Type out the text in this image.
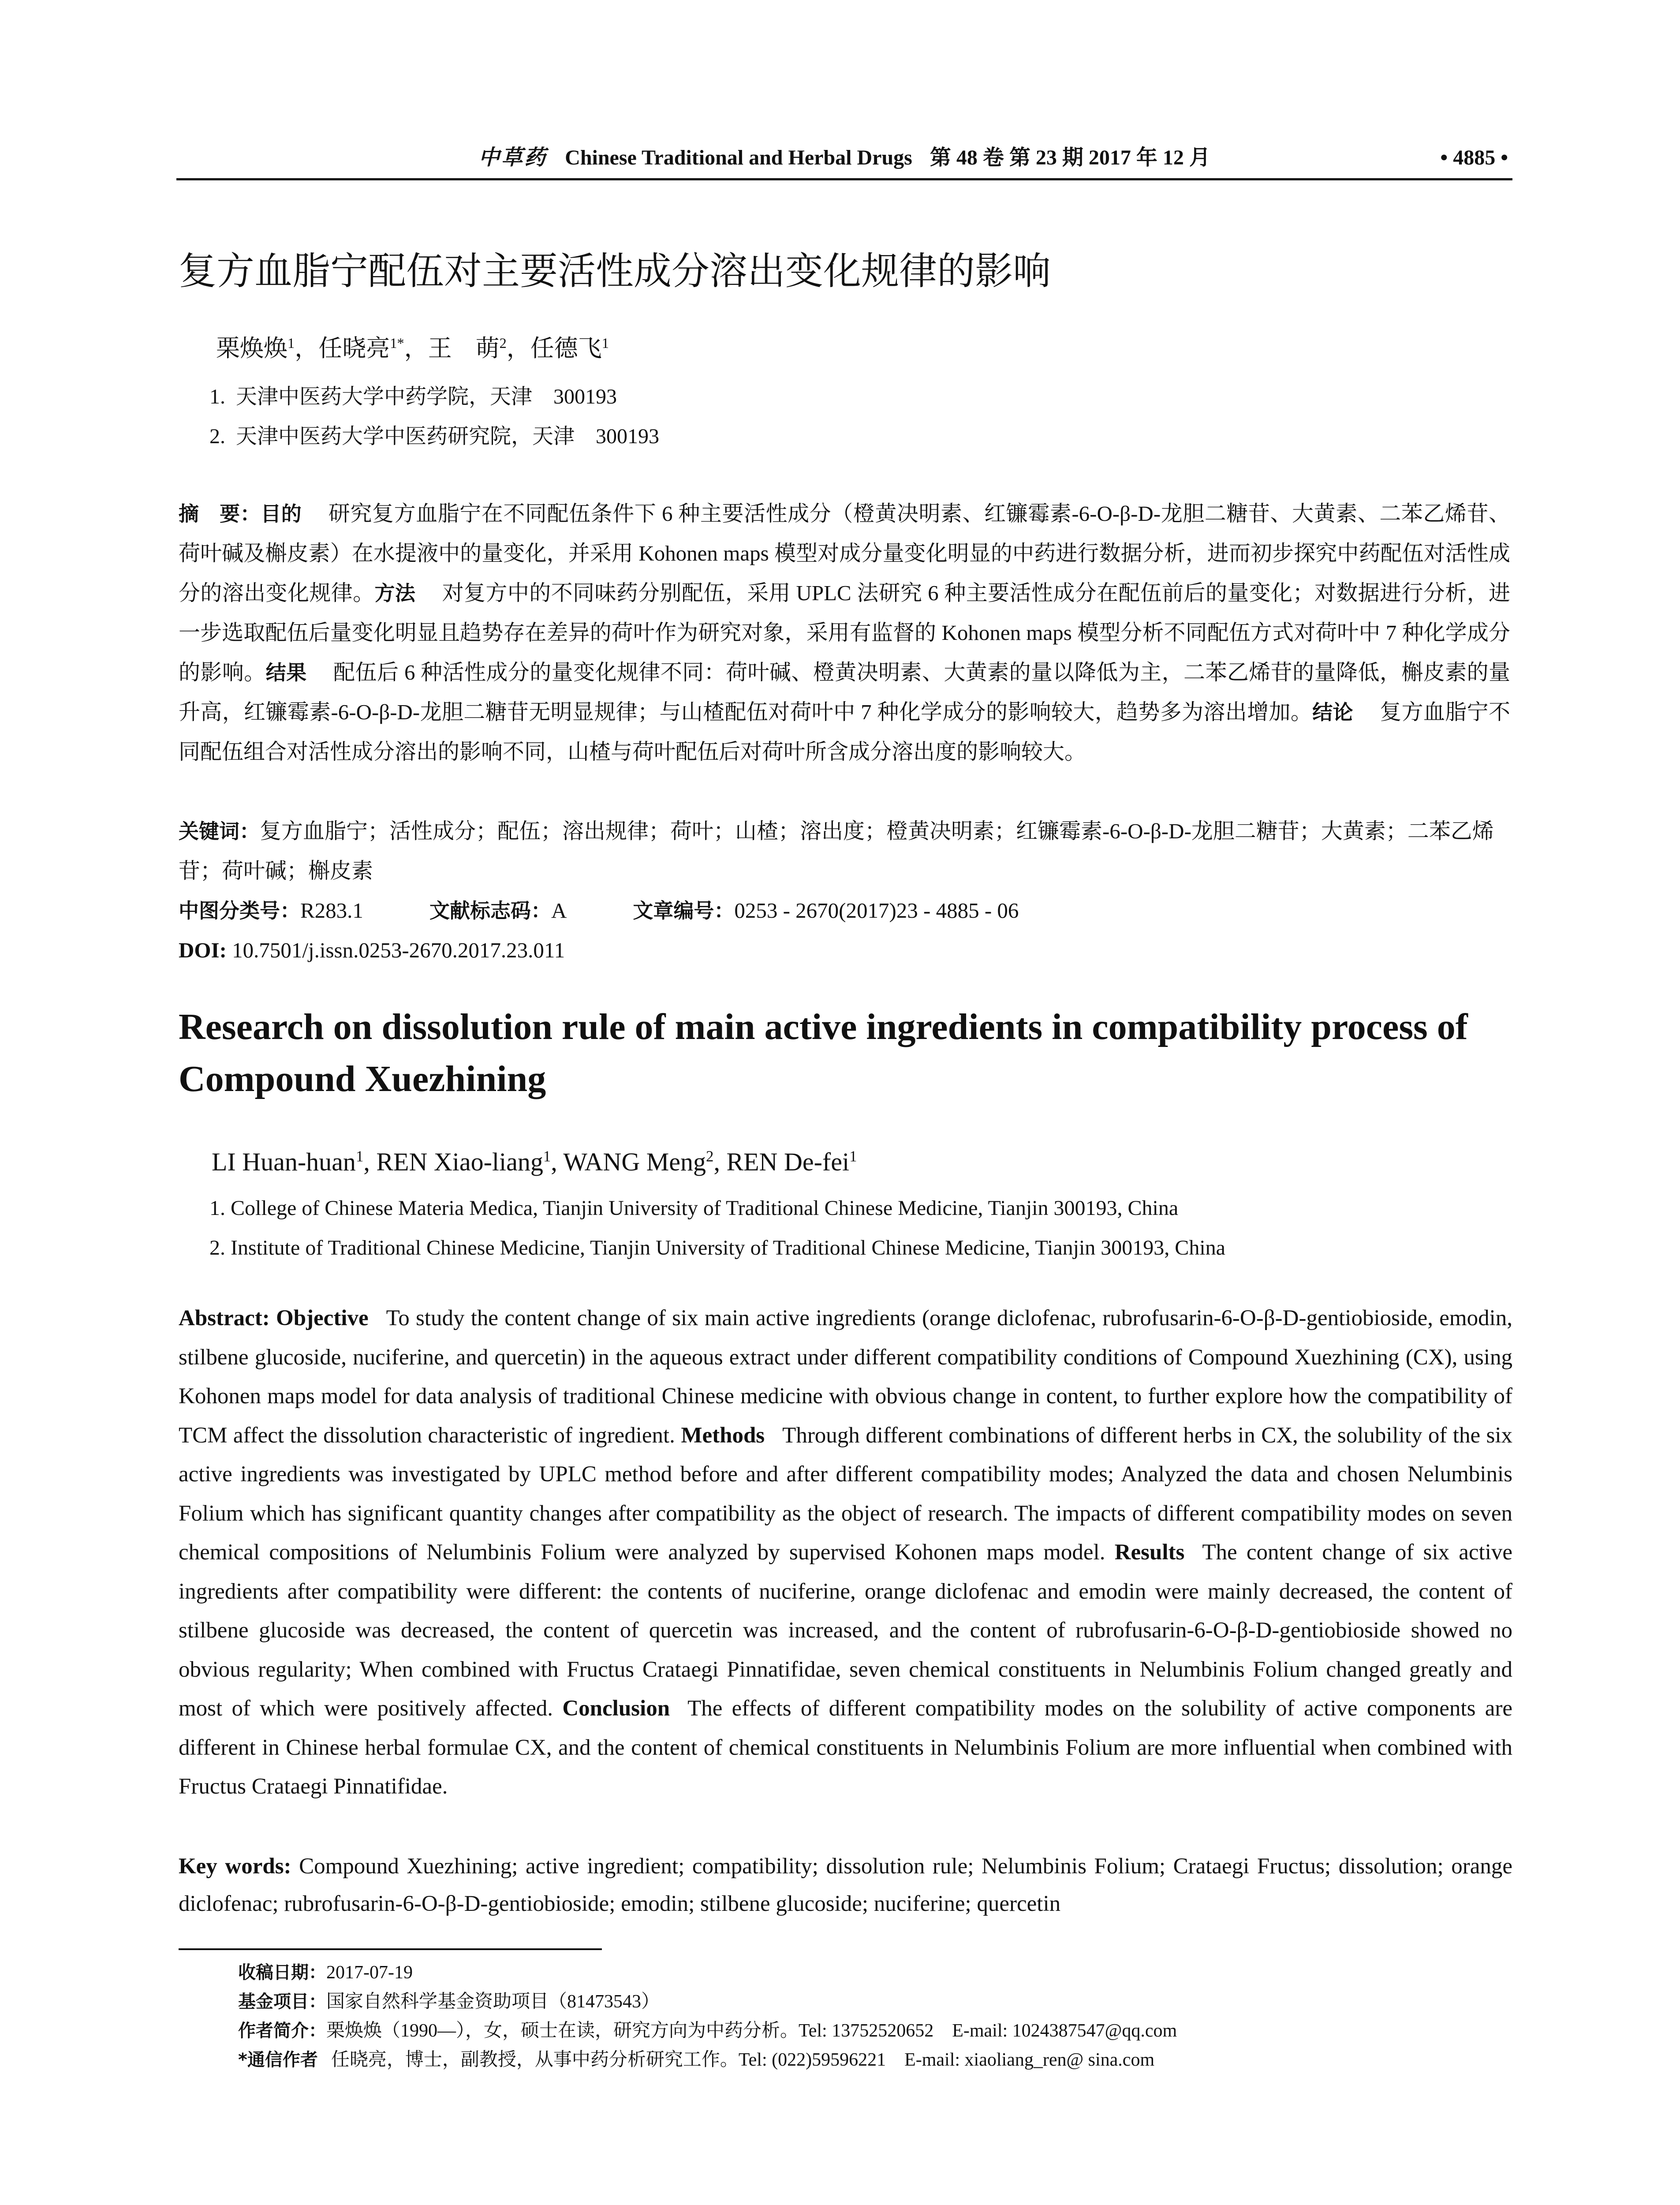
中草药 Chinese Traditional and Herbal Drugs 第 48 卷 第 23 期 2017 年 12 月	• 4885 •
复方血脂宁配伍对主要活性成分溶出变化规律的影响
栗焕焕$^1$，任晓亮$^{1*}$，王　萌$^2$，任德飞$^1$
1. 天津中医药大学中药学院，天津　300193
2. 天津中医药大学中医药研究院，天津　300193
摘　要：目的 研究复方血脂宁在不同配伍条件下 6 种主要活性成分（橙黄决明素、红镰霉素-6-O-β-D-龙胆二糖苷、大黄素、二苯乙烯苷、荷叶碱及槲皮素）在水提液中的量变化，并采用 Kohonen maps 模型对成分量变化明显的中药进行数据分析，进而初步探究中药配伍对活性成分的溶出变化规律。方法 对复方中的不同味药分别配伍，采用 UPLC 法研究 6 种主要活性成分在配伍前后的量变化；对数据进行分析，进一步选取配伍后量变化明显且趋势存在差异的荷叶作为研究对象，采用有监督的 Kohonen maps 模型分析不同配伍方式对荷叶中 7 种化学成分的影响。结果 配伍后 6 种活性成分的量变化规律不同：荷叶碱、橙黄决明素、大黄素的量以降低为主，二苯乙烯苷的量降低，槲皮素的量升高，红镰霉素-6-O-β-D-龙胆二糖苷无明显规律；与山楂配伍对荷叶中 7 种化学成分的影响较大，趋势多为溶出增加。结论 复方血脂宁不同配伍组合对活性成分溶出的影响不同，山楂与荷叶配伍后对荷叶所含成分溶出度的影响较大。
关键词：复方血脂宁；活性成分；配伍；溶出规律；荷叶；山楂；溶出度；橙黄决明素；红镰霉素-6-O-β-D-龙胆二糖苷；大黄素；二苯乙烯苷；荷叶碱；槲皮素
中图分类号：R283.1	文献标志码：A	文章编号：0253 - 2670(2017)23 - 4885 - 06
DOI: 10.7501/j.issn.0253-2670.2017.23.011
Research on dissolution rule of main active ingredients in compatibility process of Compound Xuezhining
LI Huan-huan$^1$, REN Xiao-liang$^1$, WANG Meng$^2$, REN De-fei$^1$
1. College of Chinese Materia Medica, Tianjin University of Traditional Chinese Medicine, Tianjin 300193, China
2. Institute of Traditional Chinese Medicine, Tianjin University of Traditional Chinese Medicine, Tianjin 300193, China
Abstract: Objective To study the content change of six main active ingredients (orange diclofenac, rubrofusarin-6-O-β-D-gentiobioside, emodin, stilbene glucoside, nuciferine, and quercetin) in the aqueous extract under different compatibility conditions of Compound Xuezhining (CX), using Kohonen maps model for data analysis of traditional Chinese medicine with obvious change in content, to further explore how the compatibility of TCM affect the dissolution characteristic of ingredient. Methods Through different combinations of different herbs in CX, the solubility of the six active ingredients was investigated by UPLC method before and after different compatibility modes; Analyzed the data and chosen Nelumbinis Folium which has significant quantity changes after compatibility as the object of research. The impacts of different compatibility modes on seven chemical compositions of Nelumbinis Folium were analyzed by supervised Kohonen maps model. Results The content change of six active ingredients after compatibility were different: the contents of nuciferine, orange diclofenac and emodin were mainly decreased, the content of stilbene glucoside was decreased, the content of quercetin was increased, and the content of rubrofusarin-6-O-β-D-gentiobioside showed no obvious regularity; When combined with Fructus Crataegi Pinnatifidae, seven chemical constituents in Nelumbinis Folium changed greatly and most of which were positively affected. Conclusion The effects of different compatibility modes on the solubility of active components are different in Chinese herbal formulae CX, and the content of chemical constituents in Nelumbinis Folium are more influential when combined with Fructus Crataegi Pinnatifidae.
Key words: Compound Xuezhining; active ingredient; compatibility; dissolution rule; Nelumbinis Folium; Crataegi Fructus; dissolution; orange diclofenac; rubrofusarin-6-O-β-D-gentiobioside; emodin; stilbene glucoside; nuciferine; quercetin
收稿日期：2017-07-19
基金项目：国家自然科学基金资助项目（81473543）
作者简介：栗焕焕（1990—），女，硕士在读，研究方向为中药分析。Tel: 13752520652　E-mail: 1024387547@qq.com
*通信作者 任晓亮，博士，副教授，从事中药分析研究工作。Tel: (022)59596221　E-mail: xiaoliang_ren@ sina.com
